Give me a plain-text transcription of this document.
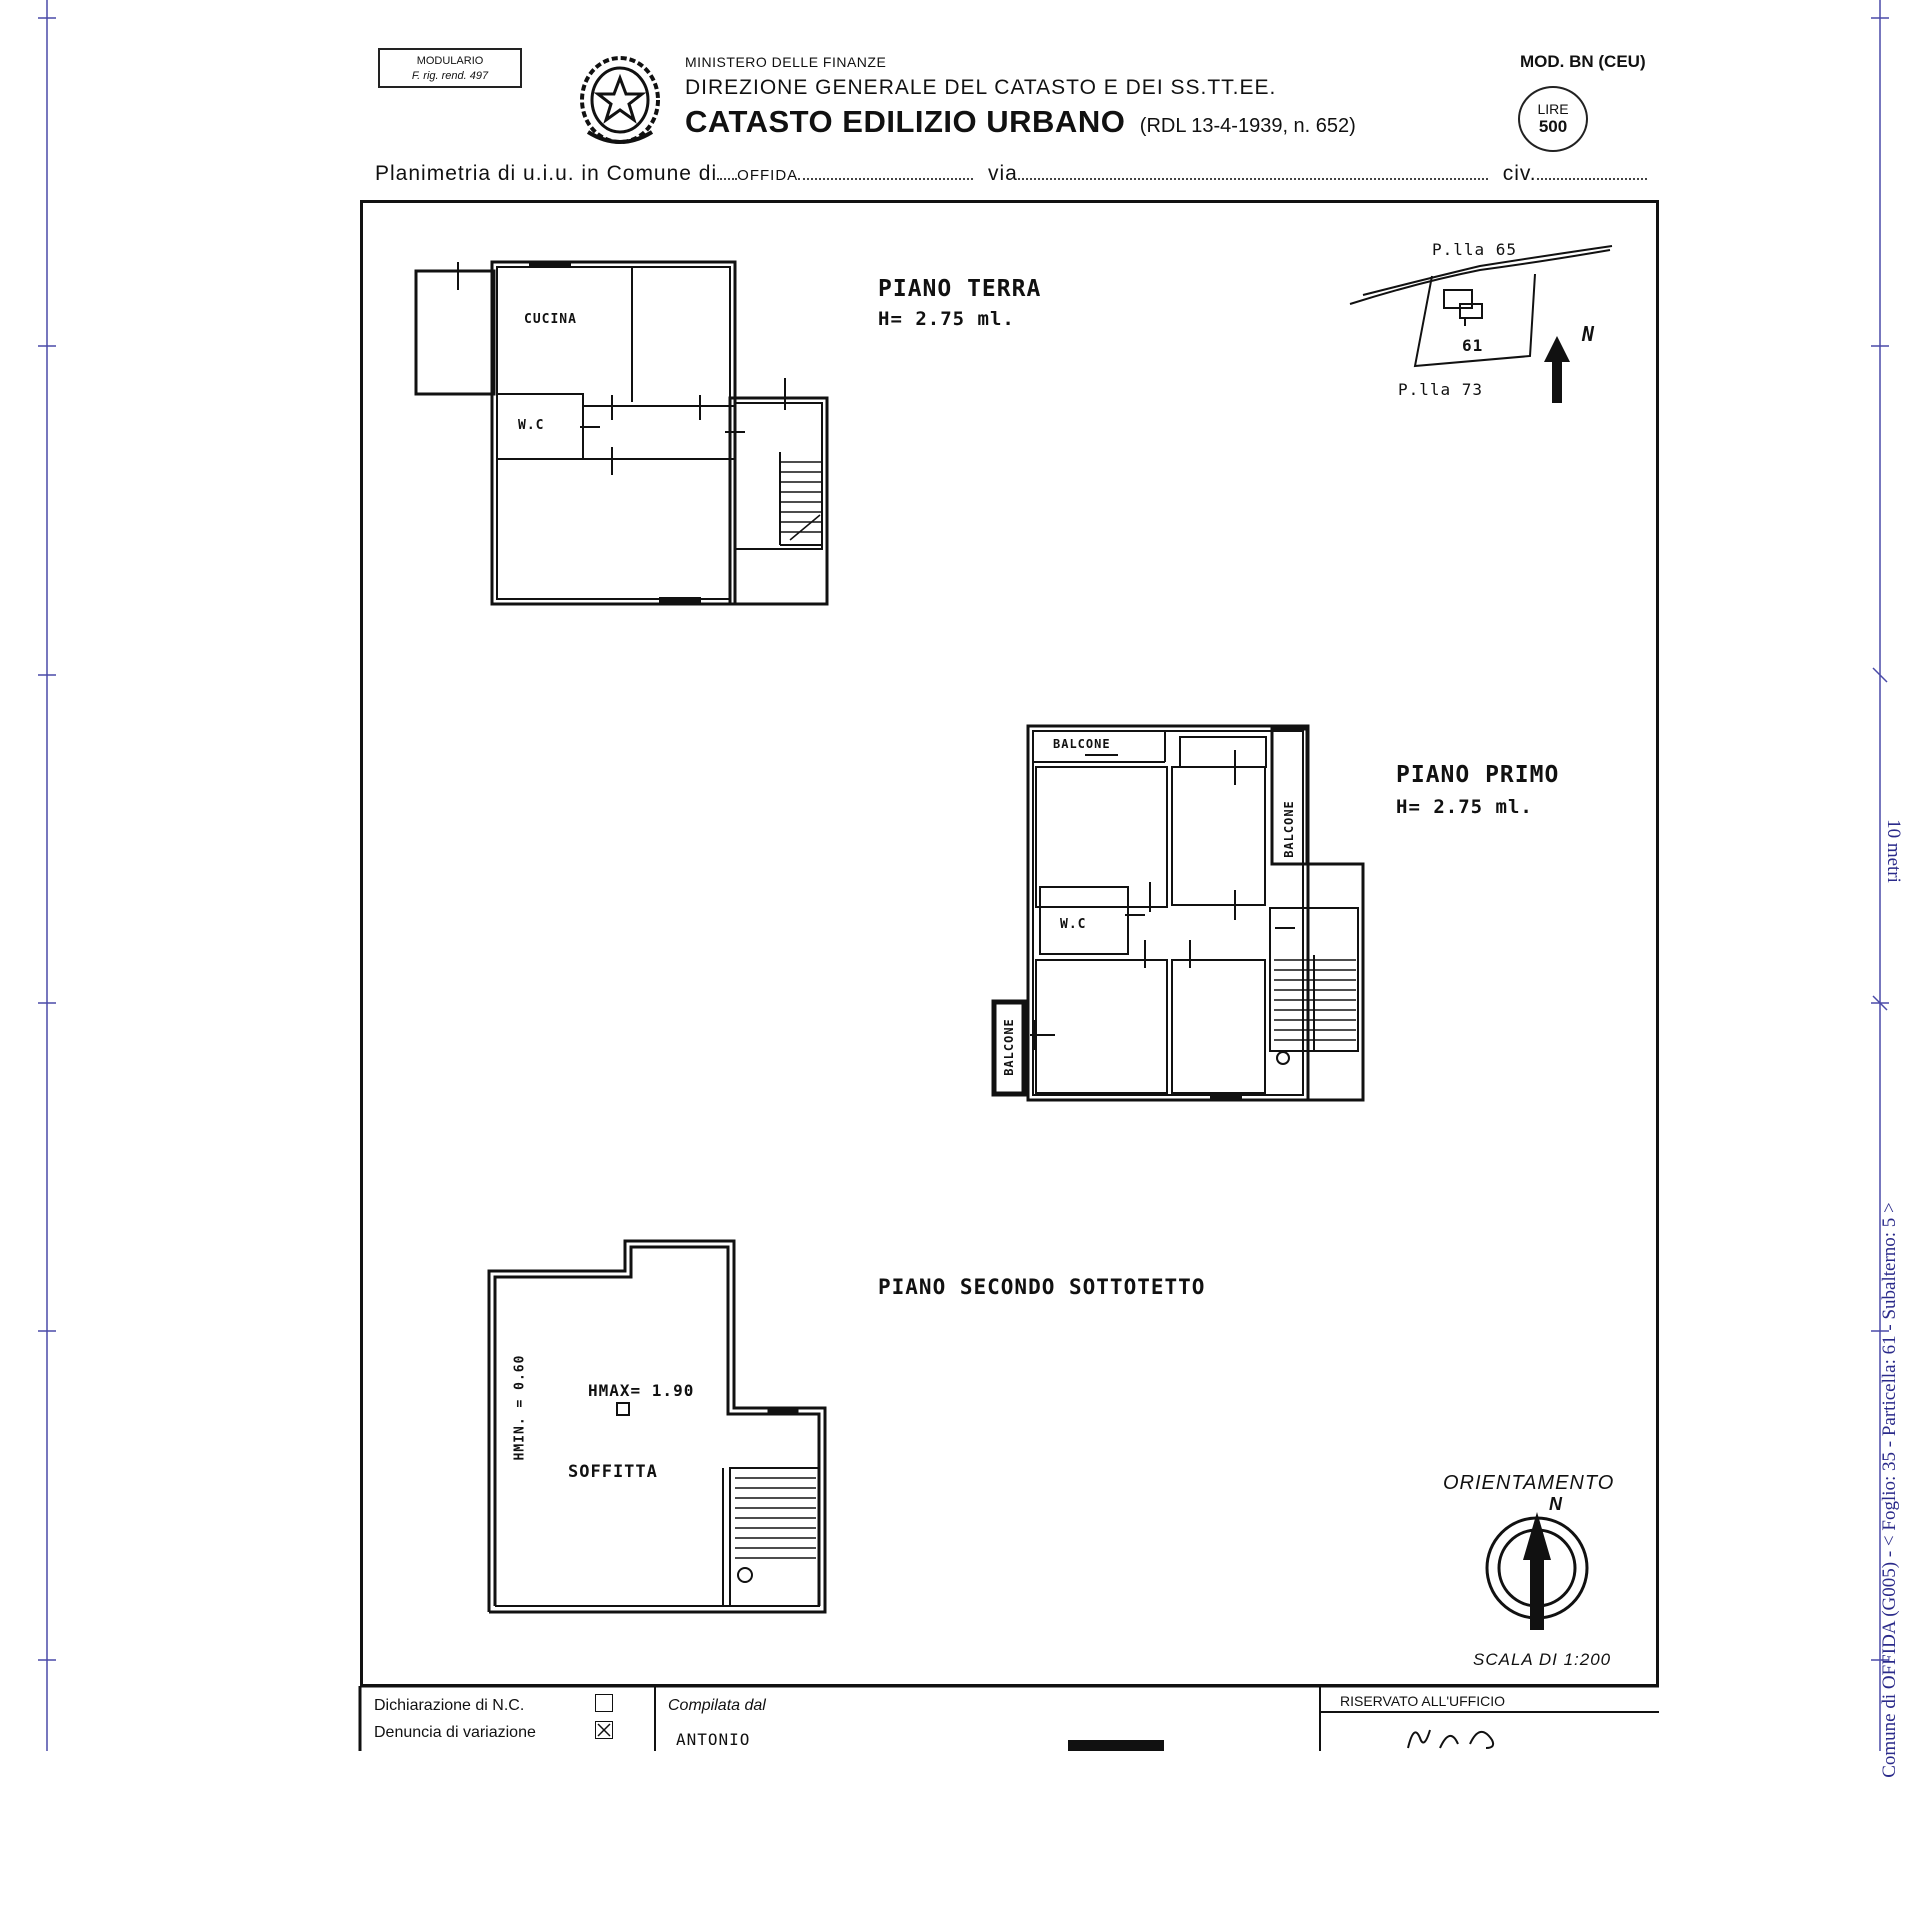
10 metri
Comune di OFFIDA (G005) - < Foglio: 35 - Particella: 61 - Subalterno: 5 >
MODULARIO
F. rig. rend. 497
MINISTERO DELLE FINANZE
DIREZIONE GENERALE DEL CATASTO E DEI SS.TT.EE.
CATASTO EDILIZIO URBANO (RDL 13-4-1939, n. 652)
MOD. BN (CEU)
LIRE
500
Planimetria di u.i.u. in Comune di OFFIDA	via	civ.
PIANO TERRA
H= 2.75 ml.
CUCINA
W.C
PIANO PRIMO
H= 2.75 ml.
BALCONE
BALCONE
BALCONE
W.C
PIANO SECONDO SOTTOTETTO
HMAX= 1.90
HMIN. = 0.60
SOFFITTA
P.lla 65
P.lla 73
61	N
ORIENTAMENTO
N
SCALA DI 1:200

Dichiarazione di N.C.
Denuncia di variazione
Compilata dal
ANTONIO
RISERVATO ALL'UFFICIO
